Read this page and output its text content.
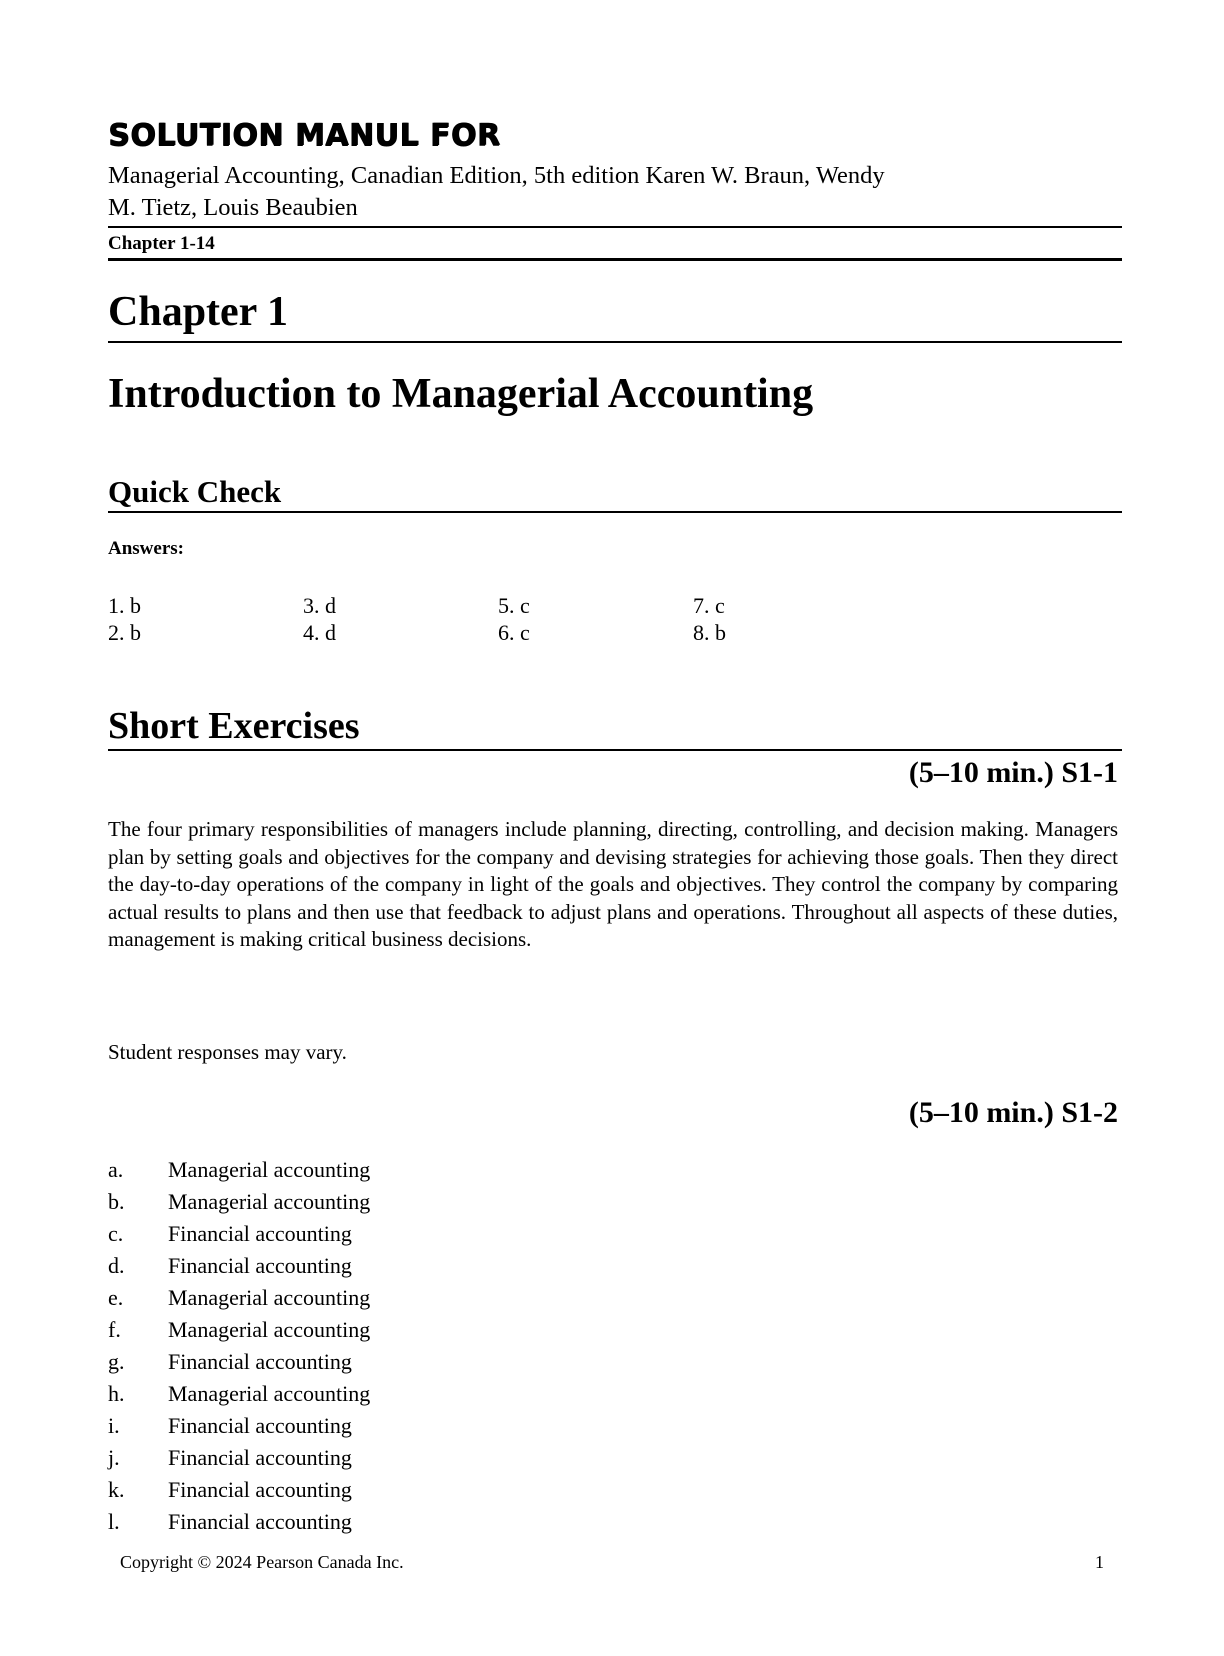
SOLUTION MANUL FOR
Managerial Accounting, Canadian Edition, 5th edition Karen W. Braun, Wendy
M. Tietz, Louis Beaubien
Chapter 1-14
Chapter 1
Introduction to Managerial Accounting
Quick Check
Answers:
1. b
2. b
3. d
4. d
5. c
6. c
7. c
8. b
Short Exercises
(5–10 min.) S1-1
The four primary responsibilities of managers include planning, directing, controlling, and decision making. Managers plan by setting goals and objectives for the company and devising strategies for achieving those goals. Then they direct the day-to-day operations of the company in light of the goals and objectives. They control the company by comparing actual results to plans and then use that feedback to adjust plans and operations. Throughout all aspects of these duties, management is making critical business decisions.
Student responses may vary.
(5–10 min.) S1-2
a. Managerial accounting
b. Managerial accounting
c. Financial accounting
d. Financial accounting
e. Managerial accounting
f. Managerial accounting
g. Financial accounting
h. Managerial accounting
i. Financial accounting
j. Financial accounting
k. Financial accounting
l. Financial accounting
Copyright © 2024 Pearson Canada Inc.	1
